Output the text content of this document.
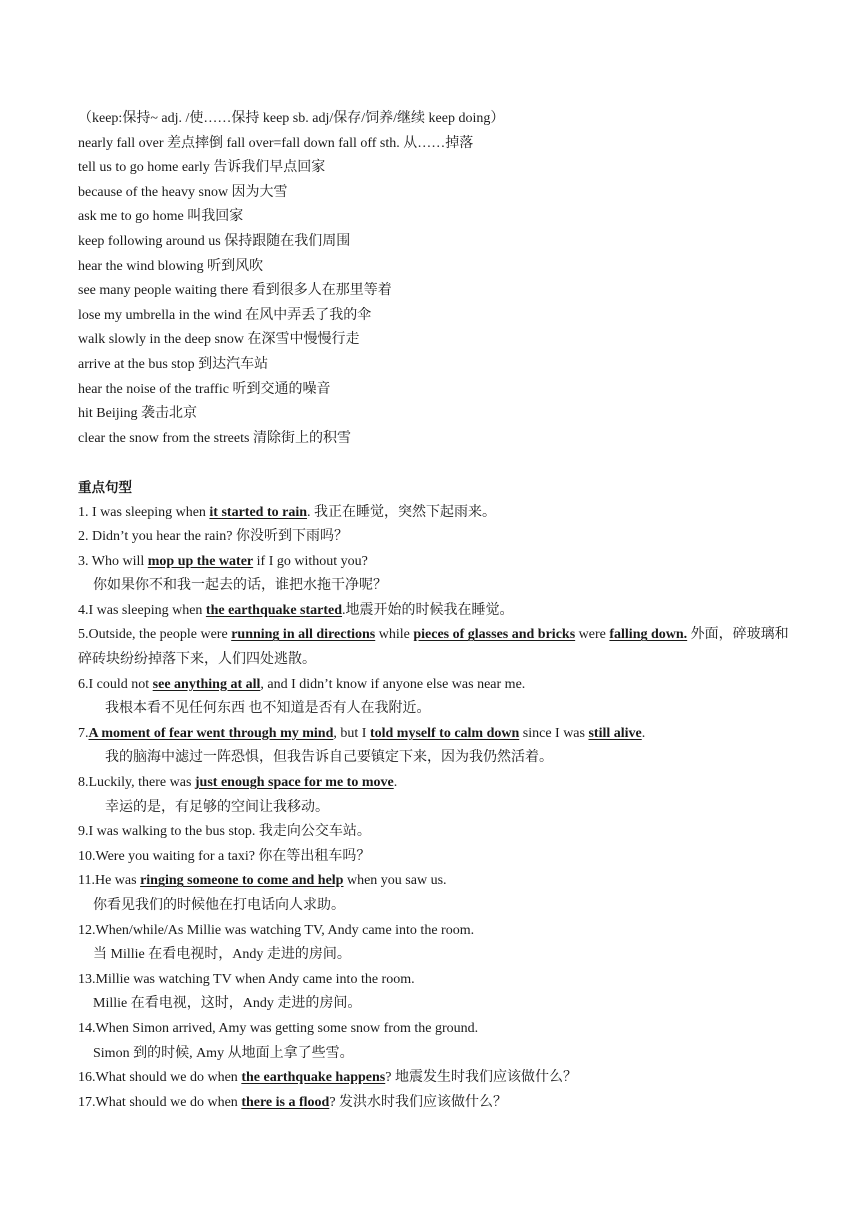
（keep:保持~ adj. /使……保持 keep sb. adj/保存/饲养/继续 keep doing）
nearly fall over 差点摔倒 fall over=fall down fall off sth. 从……掉落
tell us to go home early 告诉我们早点回家
because of the heavy snow 因为大雪
ask me to go home 叫我回家
keep following around us 保持跟随在我们周围
hear the wind blowing 听到风吹
see many people waiting there 看到很多人在那里等着
lose my umbrella in the wind 在风中弄丢了我的伞
walk slowly in the deep snow 在深雪中慢慢行走
arrive at the bus stop 到达汽车站
hear the noise of the traffic 听到交通的噪音
hit Beijing 袭击北京
clear the snow from the streets 清除街上的积雪
重点句型
1. I was sleeping when it started to rain. 我正在睡觉，突然下起雨来。
2. Didn’t you hear the rain? 你没听到下雨吗？
3. Who will mop up the water if I go without you?
你如果你不和我一起去的话，谁把水拖干净呢？
4.I was sleeping when the earthquake started.地震开始的时候我在睡觉。
5.Outside, the people were running in all directions while pieces of glasses and bricks were falling down. 外面，碎玻璃和碎砖块纷纷掉落下来，人们四处逃散。
6.I could not see anything at all, and I didn’t know if anyone else was near me.
我根本看不见任何东西 也不知道是否有人在我附近。
7.A moment of fear went through my mind, but I told myself to calm down since I was still alive.
我的脑海中滤过一阵恐惧，但我告诉自己要镇定下来，因为我仍然活着。
8.Luckily, there was just enough space for me to move.
幸运的是，有足够的空间让我移动。
9.I was walking to the bus stop. 我走向公交车站。
10.Were you waiting for a taxi? 你在等出租车吗？
11.He was ringing someone to come and help when you saw us.
你看见我们的时候他在打电话向人求助。
12.When/while/As Millie was watching TV, Andy came into the room.
当 Millie 在看电视时，Andy 走进的房间。
13.Millie was watching TV when Andy came into the room.
Millie 在看电视，这时，Andy 走进的房间。
14.When Simon arrived, Amy was getting some snow from the ground.
Simon 到的时候, Amy 从地面上拿了些雪。
16.What should we do when the earthquake happens? 地震发生时我们应该做什么？
17.What should we do when there is a flood? 发洪水时我们应该做什么？
